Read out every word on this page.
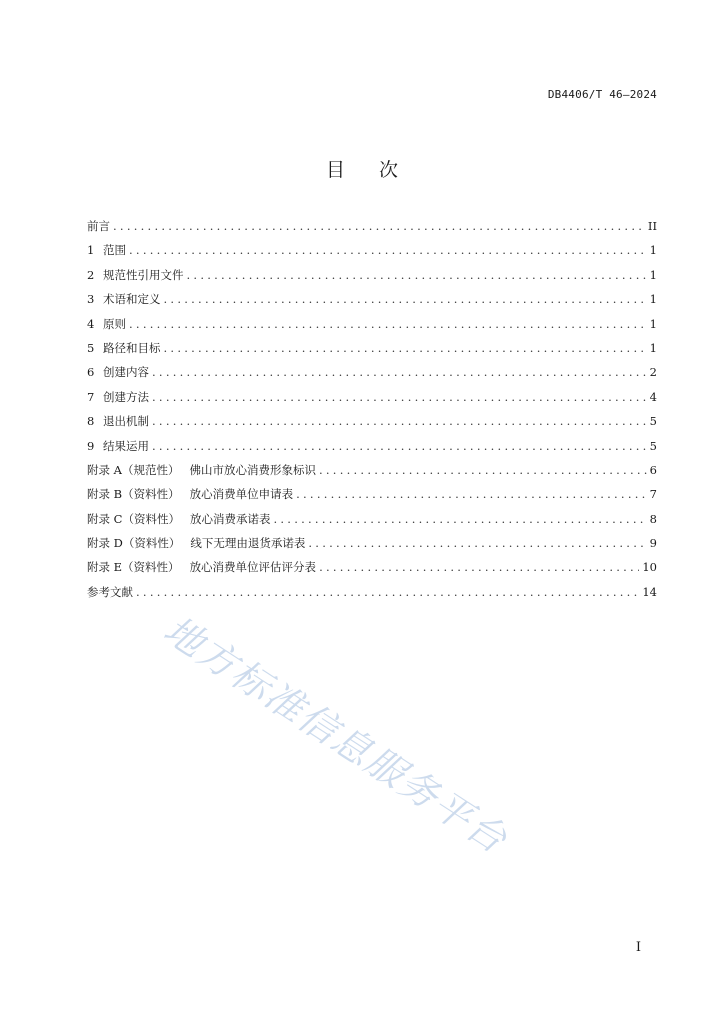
DB4406/T 46—2024
目 次
前言 . . .	II
1 范围 . . .	1
2 规范性引用文件 . . .	1
3 术语和定义 . . .	1
4 原则 . . .	1
5 路径和目标 . . .	1
6 创建内容 . . .	2
7 创建方法 . . .	4
8 退出机制 . . .	5
9 结果运用 . . .	5
附录 A（规范性） 佛山市放心消费形象标识 . . .	6
附录 B（资料性） 放心消费单位申请表 . . .	7
附录 C（资料性） 放心消费承诺表 . . .	8
附录 D（资料性） 线下无理由退货承诺表 . . .	9
附录 E（资料性） 放心消费单位评估评分表 . . .	10
参考文献 . . .	14
地方标准信息服务平台
I
